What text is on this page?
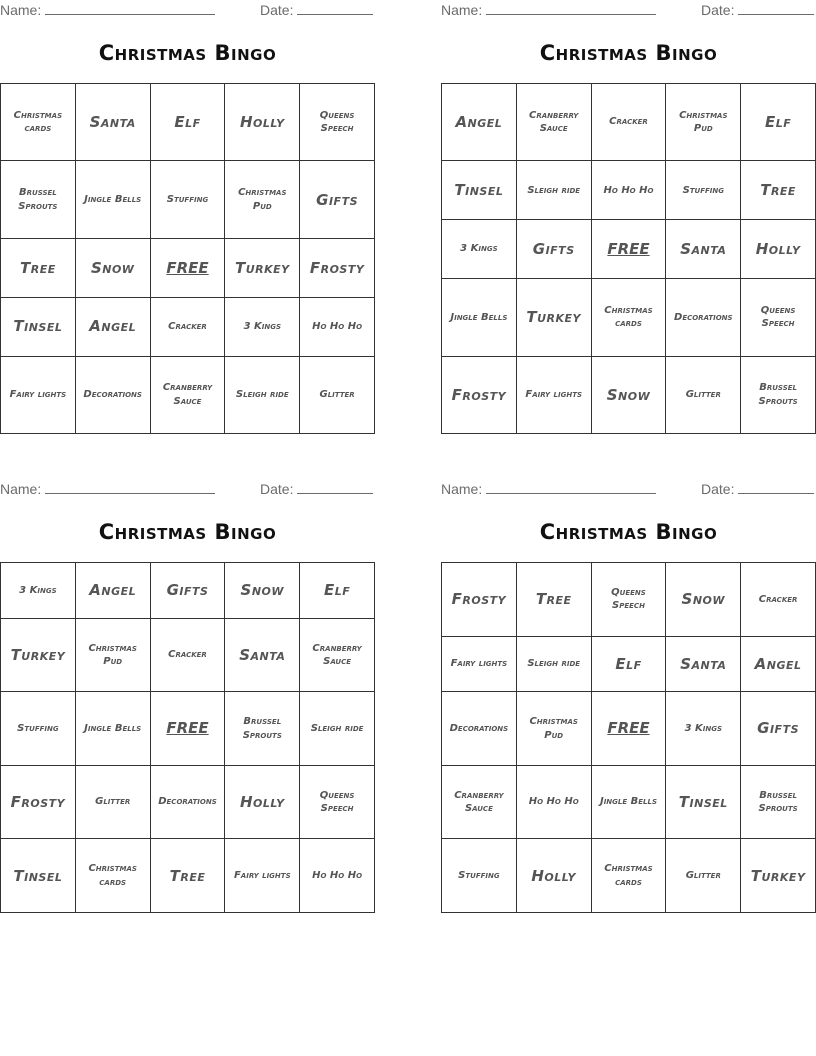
Name:	Date:
Christmas Bingo
Christmas cards	Santa	Elf	Holly	Queens Speech
Brussel Sprouts	Jingle Bells	Stuffing	Christmas Pud	Gifts
Tree	Snow	FREE	Turkey	Frosty
Tinsel	Angel	Cracker	3 Kings	Ho Ho Ho
Fairy lights	Decorations	Cranberry Sauce	Sleigh ride	Glitter
Name:	Date:
Christmas Bingo
Angel	Cranberry Sauce	Cracker	Christmas Pud	Elf
Tinsel	Sleigh ride	Ho Ho Ho	Stuffing	Tree
3 Kings	Gifts	FREE	Santa	Holly
Jingle Bells	Turkey	Christmas cards	Decorations	Queens Speech
Frosty	Fairy lights	Snow	Glitter	Brussel Sprouts
Name:	Date:
Christmas Bingo
3 Kings	Angel	Gifts	Snow	Elf
Turkey	Christmas Pud	Cracker	Santa	Cranberry Sauce
Stuffing	Jingle Bells	FREE	Brussel Sprouts	Sleigh ride
Frosty	Glitter	Decorations	Holly	Queens Speech
Tinsel	Christmas cards	Tree	Fairy lights	Ho Ho Ho
Name:	Date:
Christmas Bingo
Frosty	Tree	Queens Speech	Snow	Cracker
Fairy lights	Sleigh ride	Elf	Santa	Angel
Decorations	Christmas Pud	FREE	3 Kings	Gifts
Cranberry Sauce	Ho Ho Ho	Jingle Bells	Tinsel	Brussel Sprouts
Stuffing	Holly	Christmas cards	Glitter	Turkey
